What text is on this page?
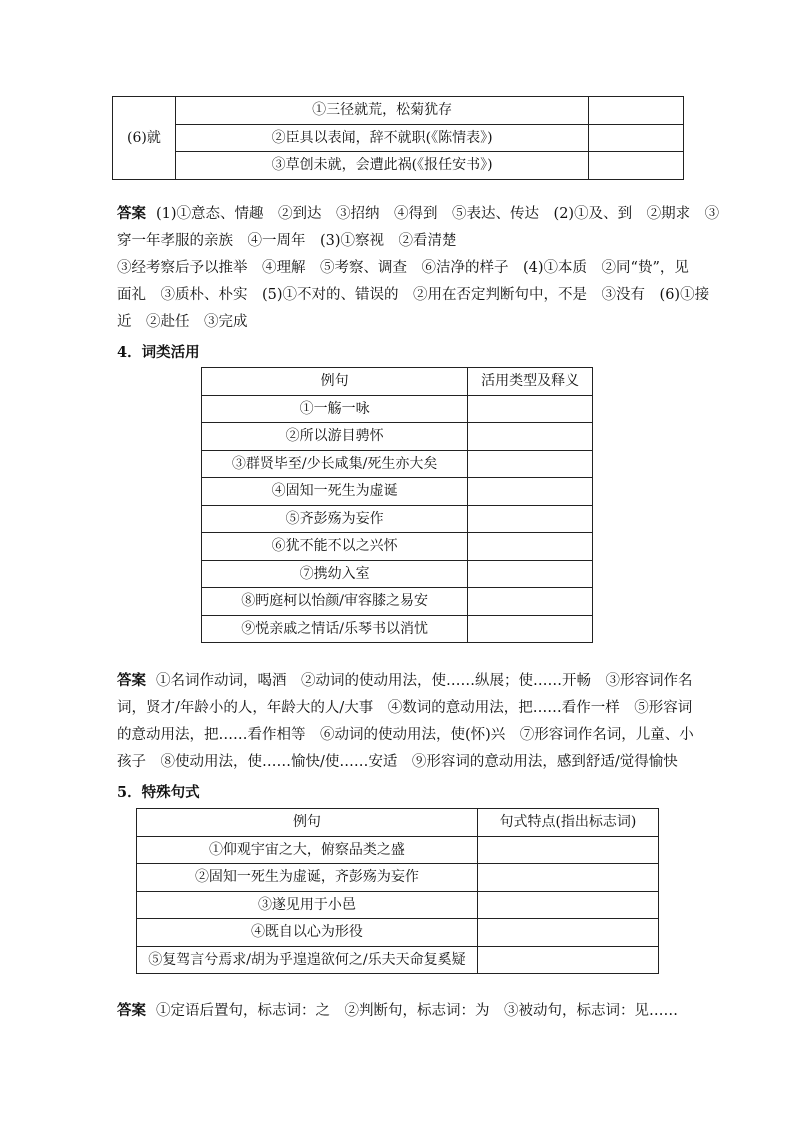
(6)就	①三径就荒，松菊犹存	
	②臣具以表闻，辞不就职(《陈情表》)	
	③草创未就，会遭此祸(《报任安书》)	
答案 (1)①意态、情趣　②到达　③招纳　④得到　⑤表达、传达　(2)①及、到　②期求　③
穿一年孝服的亲族　④一周年　(3)①察视　②看清楚
③经考察后予以推举　④理解　⑤考察、调查　⑥洁净的样子　(4)①本质　②同“贽”，见
面礼　③质朴、朴实　(5)①不对的、错误的　②用在否定判断句中，不是　③没有　(6)①接
近　②赴任　③完成
4．词类活用
例句	活用类型及释义
①一觞一咏	
②所以游目骋怀	
③群贤毕至/少长咸集/死生亦大矣	
④固知一死生为虚诞	
⑤齐彭殇为妄作	
⑥犹不能不以之兴怀	
⑦携幼入室	
⑧眄庭柯以怡颜/审容膝之易安	
⑨悦亲戚之情话/乐琴书以消忧	
答案 ①名词作动词，喝酒　②动词的使动用法，使……纵展；使……开畅　③形容词作名
词，贤才/年龄小的人，年龄大的人/大事　④数词的意动用法，把……看作一样　⑤形容词
的意动用法，把……看作相等　⑥动词的使动用法，使(怀)兴　⑦形容词作名词，儿童、小
孩子　⑧使动用法，使……愉快/使……安适　⑨形容词的意动用法，感到舒适/觉得愉快
5．特殊句式
例句	句式特点(指出标志词)
①仰观宇宙之大，俯察品类之盛	
②固知一死生为虚诞，齐彭殇为妄作	
③遂见用于小邑	
④既自以心为形役	
⑤复驾言兮焉求/胡为乎遑遑欲何之/乐夫天命复奚疑	
答案 ①定语后置句，标志词：之　②判断句，标志词：为　③被动句，标志词：见……
